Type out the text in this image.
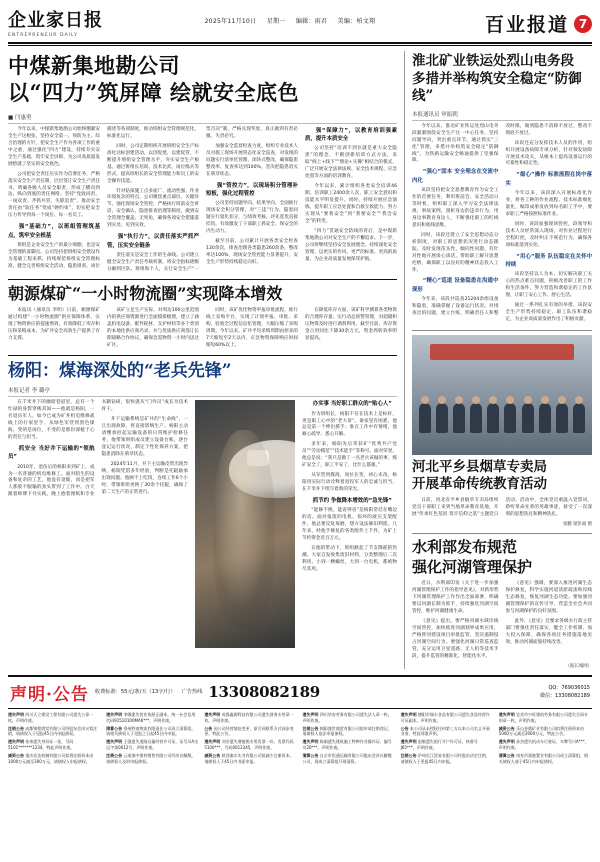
企业家日报
ENTREPRENEUR DAILY
2025年11月10日 星期一 编辑：雨君 美编：柏文翔	百业报道 7
中煤新集地勘公司
以“四力”筑屏障 绘就安全底色
■ 闫惠勇

今年以来，中煤新集地勘公司始终绷紧安全生产这根弦，坚持安全第一、预防为主、综合治理的方针，把安全生产作为各项工作的重中之重，通过强化“四力”建设，持续夯实安全生产基础，筑牢安全屏障，为公司高质量发展绘就了坚实的安全底色。

公司把安全责任压实作为首要任务，严格落实安全生产责任制，层层签订安全生产责任书，明确各级人员安全职责，形成了横向到边、纵向到底的责任网络。坚持“党政同责、一岗双责、齐抓共管、失职追责”，推动安全责任由“软任务”变成“硬约束”，切实把安全压力传导到每一个岗位、每一名员工。

强“基础力”，以班组管理筑基点，筑牢安全根基

班组是企业安全生产的最小细胞，也是安全管理的落脚点。公司坚持把班组安全建设作为基础工程来抓，持续规范班组安全管理标准，健全完善班组安全活动、隐患排查、岗位描述等各项制度，推动班组安全管理规范化、标准化运行。

同时，公司定期组织开展班组安全生产标准化达标创建活动，以创促建、以建促管，不断提升班组安全管理水平，夯实安全生产根基。通过班组长培训、技术比武、岗位练兵等形式，提高班组长的安全管理能力和员工的安全操作技能。

针对钻探施工点多面广、流动性强、作业环境复杂的特点，公司聚焦重点部位、关键环节，强化现场安全管控，严格执行班前安全讲话、安全确认、隐患排查治理等制度，做到安全管理全覆盖、无死角，确保各项安全措施落到实处、见到实效。

强“执行力”，以责任落实严抓严管，压实安全链条

责任落实是安全工作的生命线。公司建立健全安全生产责任考核机制，将安全指标逐级分解到区队、班组和个人，实行安全生产“一票否决”制，严格兑现奖惩，真正做到有责必履、失责必究。

加强安全监督检查力度，组织专业技术人员对施工现场开展常态化安全巡查，对发现的问题实行清单化管理、闭环式整改，确保隐患整改率、复查率达到100%，坚决把隐患消灭在萌芽状态。

强“管控力”，以现场积分管理补短板，强化过程管控

公司坚持问题导向、结果导向，全面推行现场安全积分管理，对“三违”行为、隐患问题实行量化扣分，与绩效考核、评先选优直接挂钩，有效激发了干部职工抓安全、保安全的内生动力。

截至目前，公司累计开展各类安全检查130余次，排查治理各类隐患260余条，整改率达100%，现场安全管控能力显著提升，安全生产形势持续稳定向好。

强“保障力”，以教育培训强素质，提升本质安全

公司坚持“培训不到位就是重大安全隐患”的理念，不断创新培训方式方法，采取“线上+线下”“理论+实操”相结合的模式，广泛开展安全法律法规、安全技术规程、应急处置等方面的培训教育。

今年以来，累计组织各类安全培训46期，培训职工2400余人次，职工安全意识和技能水平明显提升。同时，持续开展应急演练，提升职工应急处置和自救互救能力，努力实现从“要我安全”到“我要安全”“我会安全”的转变。

“四力”贯通安全防线的背后，是中煤新集地勘公司对安全生产的不懈追求。下一步，公司将继续坚持安全发展理念，持续深化安全管理，以更实的作风、更严的标准、更高的质量，为企业高质量发展保驾护航。

朝源煤矿“一小时物流圈”实现降本增效

本报讯（通讯员 李明）日前，朝源煤矿通过构建“一小时物流圈”供应保障体系，实现了物资供应的提速增效，有效降低了库存积压和采购成本，为矿井安全高效生产提供了有力支撑。

该矿立足生产实际，对周边100公里范围内的供应商资源进行全面摸排梳理，建立了涵盖机电设备、配件耗材、支护材料等多个类别的本地化供应商名录，并与优质供应商签订长期战略合作协议，确保急需物资一小时内送达矿区。

同时，该矿优化物资申报审批流程，推行线上采购平台，实现了计划申报、审批、采购、验收全过程信息化管理，大幅压缩了采购周期。今年以来，矿井平均采购周期由原来的7天缩短至2天以内，应急物资保障响应时间缩短60%以上。

在降低库存方面，该矿科学测算各类物资的合理库存量，实行动态预警管理，对超储积压物资及时进行调剂利用。截至目前，库存资金占用同比下降30余万元，资金周转效率明显提高。

杨阳：煤海深处的“老兵先锋”
本报记者 李 璐亭

在千米井下的幽暗巷道里，总有一个忙碌的身影穿梭其间——他就是杨阳，一名退伍军人，如今已成为矿井机电维修战线上的行家里手。从绿色军营到黑色煤海，变的是岗位，不变的是那份深植于心的责任与担当。

抓安全 当好井下运输的“领航员”

2010年，退伍后的杨阳来到矿上，成为一名普通的机电维修工。面对陌生的设备和复杂的工艺，他没有退缩，而是把军人那股不服输的劲头带到了工作中。白天跟着师傅下井实践，晚上抱着图纸和专业书籍钻研，很快就从“门外汉”成长为技术骨干。

井下运输系统是矿井的“生命线”，一旦出现故障，将直接影响生产。杨阳主动请缨承担起运输设备的日常维护检修任务，他带领班组成员建立设备台账，逐台登记运行状况，制定个性化保养方案，把隐患消除在萌芽状态。

2024年11月，井下主运输皮带出现异响，杨阳凭借多年经验，判断是托辊轴承出现问题。他顾不上吃饭，连续工作6个小时，带领班组更换了30余个托辊，确保了第二天生产的正常进行。

办实事 当好职工群众的“贴心人”

作为班组长，杨阳不仅在技术上是标杆，更是职工心中的“老大哥”。谁家里有困难，他总是第一个伸出援手；谁在工作中有情绪，他耐心疏导、悉心开解。

多年来，杨阳先后荣获矿“优秀共产党员”“劳动模范”“技术能手”等称号。面对荣誉，他总是说：“我只是做了一名老兵该做的事，煤矿安全了，职工平安了，比什么都强。”

从军营到煤海，岗位在变，初心未改。杨阳用实际行动诠释着退役军人的忠诚与担当，在千米井下续写着新的荣光。

抓节约 争做降本增效的“急先锋”

“能修不换、能省则省”是杨阳常挂在嘴边的话。面对报废的电机、损坏的液压支架配件，他总要反复琢磨，想方设法修旧利废。几年来，经他手修复的各类配件上千件，为矿上节约资金近百万元。

在他的带动下，班组掀起了节支降耗的热潮。大家自发收集废旧材料，分类整理后二次利用，小到一颗螺丝，大到一台电机，都被物尽其用。

淮北矿业铁运处烈山电务段
多措并举构筑安全稳定“防御线”
本报通讯员 审振朝

今年以来，淮北矿业铁运处烈山电务段紧紧围绕安全生产这一中心任务，坚持问题导向，突出重点环节，通过抓实“三化”管理，多措并举构筑安全稳定“防御线”，为铁路运输安全畅通提供了坚强保障。

“强心”固本 安全理念在交流中内化

该段坚持把安全思想教育作为安全工作的首要任务，利用班前会、安全活动日等时机，组织职工深入学习安全法律法规、事故案例，剖析身边的违章行为，用身边事教育身边人，不断强化职工的红线意识和底线思维。

同时，该段还建立了安全思想动态分析制度，对职工的思想状况进行动态跟踪，及时发现苗头性、倾向性问题，有针对性地开展谈心谈话，帮助职工解开思想疙瘩，确保职工以良好的精神状态投入工作。

“精心”巡道 设备隐患在沟通中现形

今年来，该段共巡查21204余组设备和隐患，准确掌握了设备运行状况。对排查出的问题，建立台账，明确责任人和整改时限，做到隐患不消除不放过、整改不彻底不放过。

该段还充分发挥技术人员的作用，组织开展设备故障专项分析，针对频发故障开展技术攻关，从根本上提高设备运行的可靠性和稳定性。

“细心”操作 标准流程在岗中落实

今年以来，该段深入开展标准化作业，将各工种的作业流程、技术标准细化量化，编印成册发放到每名职工手中，要求职工严格按照标准作业。

同时，该段加强现场管控，段领导和技术人员经常深入现场，对作业过程进行全程盯控，及时纠正不规范行为，确保各项标准落到实处。

“用心”服务 队伍稳定在关怀中持续

该段坚持以人为本，切实解决职工关心的热点难点问题，积极改善职工的工作和生活条件，努力营造和谐稳定的工作氛围，让职工安心工作、舒心生活。

通过一系列扎实有效的举措，该段安全生产形势持续稳定，职工队伍和谐稳定，为企业高质量发展作出了积极贡献。

河北平乡县烟草专卖局
开展革命传统教育活动

日前，河北省平乡县烟草专卖局组织党员干部职工来到当地革命教育基地，开展“传承红色基因 筑牢信仰之基”主题党日活动。活动中，全体党员重温入党誓词，聆听革命先辈的英雄事迹，接受了一次深刻的思想洗礼和精神洗礼。

张鹏 梁彭福 摄
水利部发布规范
强化河湖管理保护

近日，水利部印发《关于进一步加强河湖管理保护工作的指导意见》，对新形势下河湖管理保护工作作出全面部署，明确要以河湖长制为抓手，持续强化河湖空间管控，维护河湖健康生命。

《意见》提出，要严格河湖水域岸线空间管控，加快推进河湖划界成果应用，严格涉河建设项目审批监管，坚决遏制侵占河湖空间行为。要强化河湖日常巡查监管，充分运用卫星遥感、无人机等技术手段，提升监管的精准化、智能化水平。

《意见》强调，要深入推进河湖生态保护修复，科学实施河道清淤疏浚和岸线生态修复，恢复河湖生态功能。要加强河湖管理保护的宣传引导，营造全社会共同参与河湖保护的良好氛围。

此外，《意见》还要求各级水行政主管部门要强化责任落实，健全工作机制，加大投入保障，确保各项任务措施落地见效，推动河湖面貌持续改善。

（据长城网）
声明·公告 收费标准：55元/条/天（13字/行） 广告热线 13308082189	QQ：769036015
微信：13308082189

遗失声明 四川天立建设工程有限公司遗失公章一枚，声明作废。

注销公告 成都锦程商贸有限公司经股东会决议拟注销，请债权人于见报45日内申报债权。

遗失声明 张伟遗失身份证一张，号码5101*******1234，特此声明作废。

减资公告 重庆宏达机械有限公司拟将注册资本由1000万元减至300万元，请债权人申报债权。

遗失声明 李娜遗失营业执照正副本，统一社会信用代码91510100MA6***，声明作废。

清算公告 贵州黔南物流有限责任公司成立清算组，请相关债权人于见报之日起45日内申报。

遗失声明 王强遗失道路运输经营许可证，证号川A交运字第0012号，声明作废。

注销公告 云南滇中建材销售有限公司经决议解散，请债权人及时申报债权。

遗失声明 成都鑫源科技有限公司遗失财务专用章一枚，声明作废。

公告 因公司经营地址变更，原合同联系方式同步变更，特此公告。

遗失声明 刘芳遗失增值税专用发票一份，发票代码5100***，号码0012345，声明作废。

减资公告 陕西秦川实业有限公司拟减少注册资本，请债权人于45日内书面申报。

遗失声明 四川华安劳务有限公司遗失法人章一枚，声明作废。

注销公告 绵阳盛世商贸有限公司拟申请注销登记，请债权人依法申报债权。

遗失声明 陈刚遗失建筑施工特种作业操作证，编号川20***，声明作废。

清算公告 自贡市恒通运输有限公司股东会决议解散公司，现成立清算组开展清算。

遗失声明 德阳市瑞丰食品有限公司遗失食品经营许可证副本，声明作废。

公告 本公司从未授权任何第三方以本公司名义开展业务，特此郑重声明。

遗失声明 赵敏遗失银行开户许可证，核准号J65***，声明作废。

注销公告 泸州长江贸易有限公司经股东决定注销，请债权人于见报45日内申报。

遗失声明 宜宾市兴旺建筑劳务有限公司遗失合同专用章一枚，声明作废。

减资公告 乐山金鼎矿业有限公司拟将注册资本由5000万元减至2000万元，特此公告。

遗失声明 孙杰遗失机动车行驶证，车牌号川A***，声明作废。

清算公告 南充市嘉陵置业有限公司成立清算组，相关债权人请于45日内申报债权。
